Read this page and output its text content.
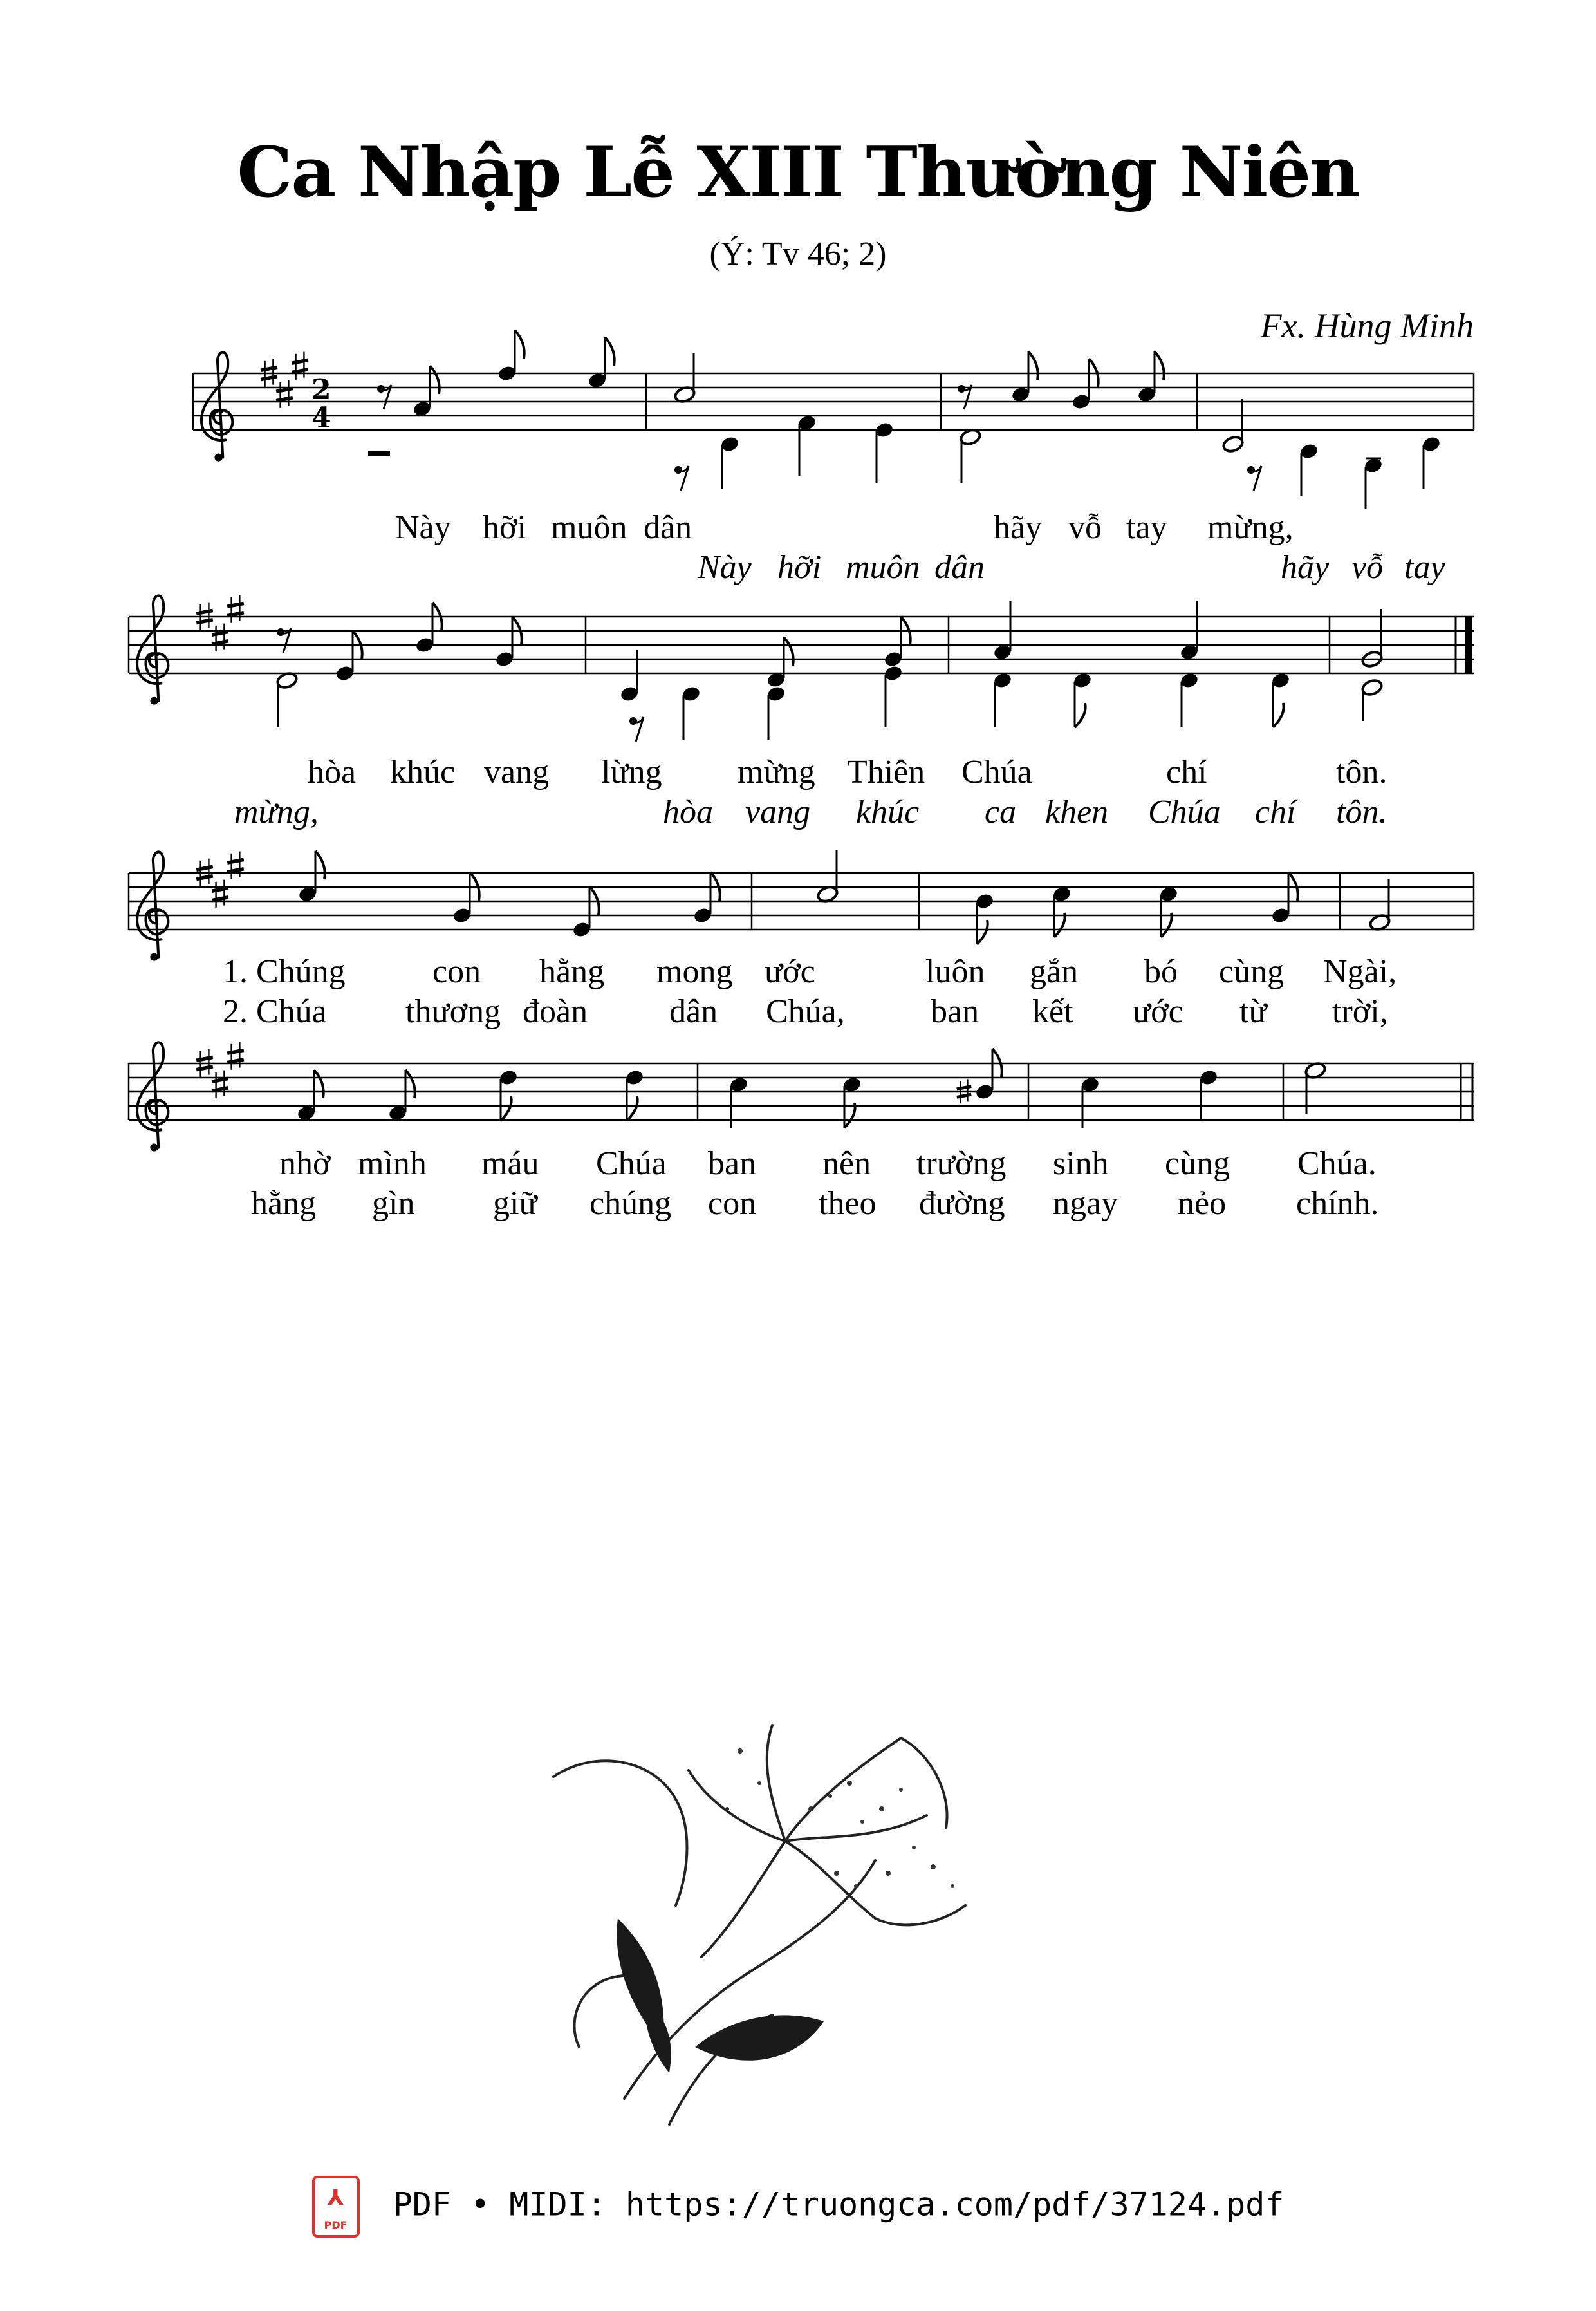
Ca Nhập Lễ XIII Thường Niên
(Ý: Tv 46; 2)
Fx. Hùng Minh
2
4
Này hỡi muôn dân	hãy vỗ tay mừng,
Này hỡi muôn dân	hãy vỗ tay
hòa khúc vang lừng mừng Thiên Chúa	chí	tôn.
mừng,	hòa vang khúc ca khen Chúa chí tôn.
1. Chúng	con hằng mong ước	luôn gắn bó cùng Ngài,
2. Chúa thương đoàn dân Chúa,	ban kết ước từ trời,
nhờ mình máu Chúa ban nên trường sinh cùng Chúa.
hằng gìn giữ chúng con theo đường ngay nẻo chính.
⅄
PDF
PDF • MIDI: https://truongca.com/pdf/37124.pdf
